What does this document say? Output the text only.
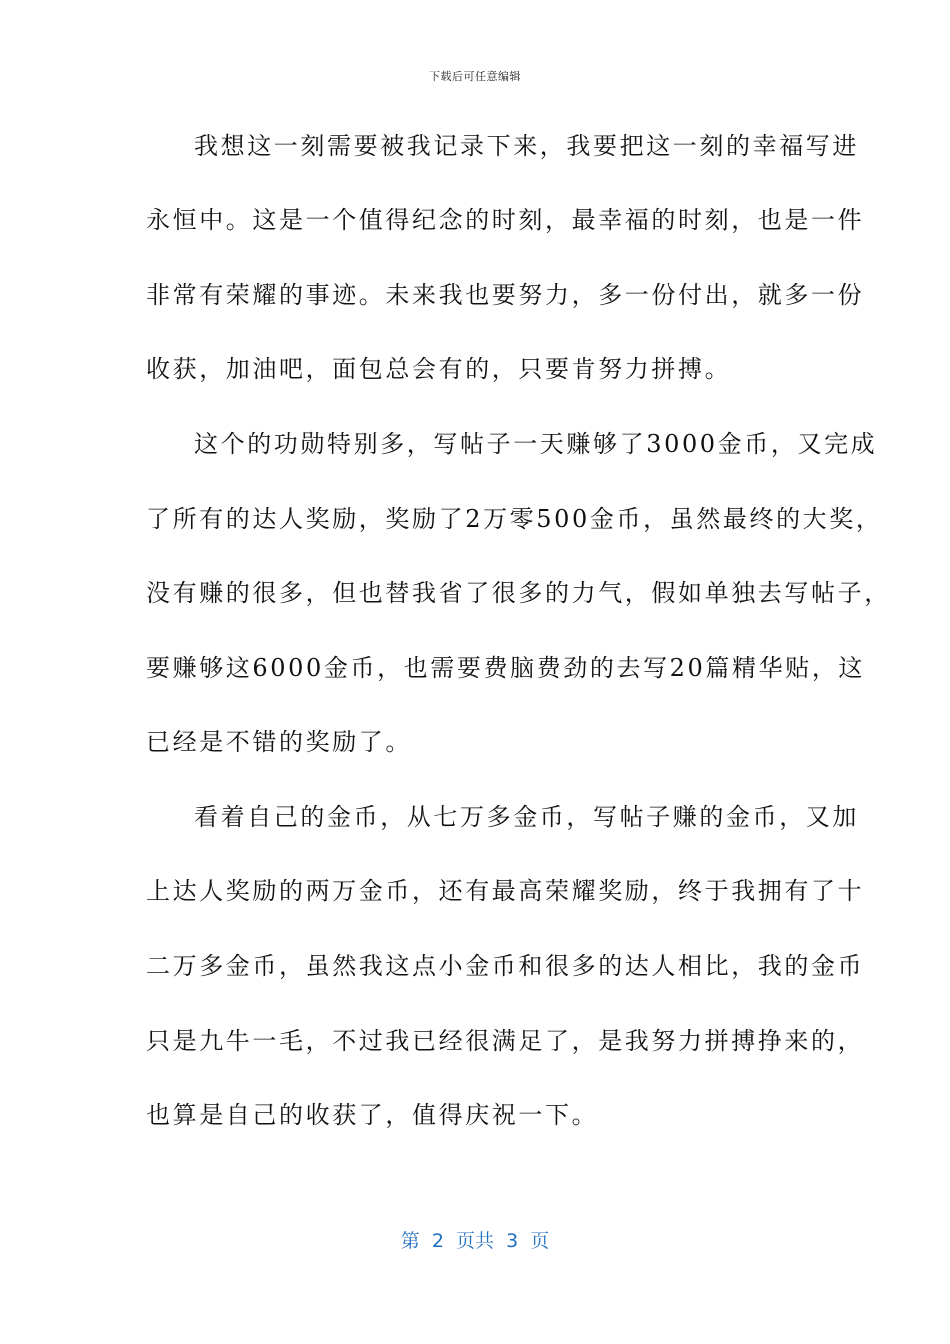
下载后可任意编辑
我想这一刻需要被我记录下来，我要把这一刻的幸福写进
永恒中。这是一个值得纪念的时刻，最幸福的时刻，也是一件
非常有荣耀的事迹。未来我也要努力，多一份付出，就多一份
收获，加油吧，面包总会有的，只要肯努力拼搏。
这个的功勋特别多，写帖子一天赚够了3000金币，又完成
了所有的达人奖励，奖励了2万零500金币，虽然最终的大奖，
没有赚的很多，但也替我省了很多的力气，假如单独去写帖子，
要赚够这6000金币，也需要费脑费劲的去写20篇精华贴，这
已经是不错的奖励了。
看着自己的金币，从七万多金币，写帖子赚的金币，又加
上达人奖励的两万金币，还有最高荣耀奖励，终于我拥有了十
二万多金币，虽然我这点小金币和很多的达人相比，我的金币
只是九牛一毛，不过我已经很满足了，是我努力拼搏挣来的，
也算是自己的收获了，值得庆祝一下。
第  2  页共  3  页
